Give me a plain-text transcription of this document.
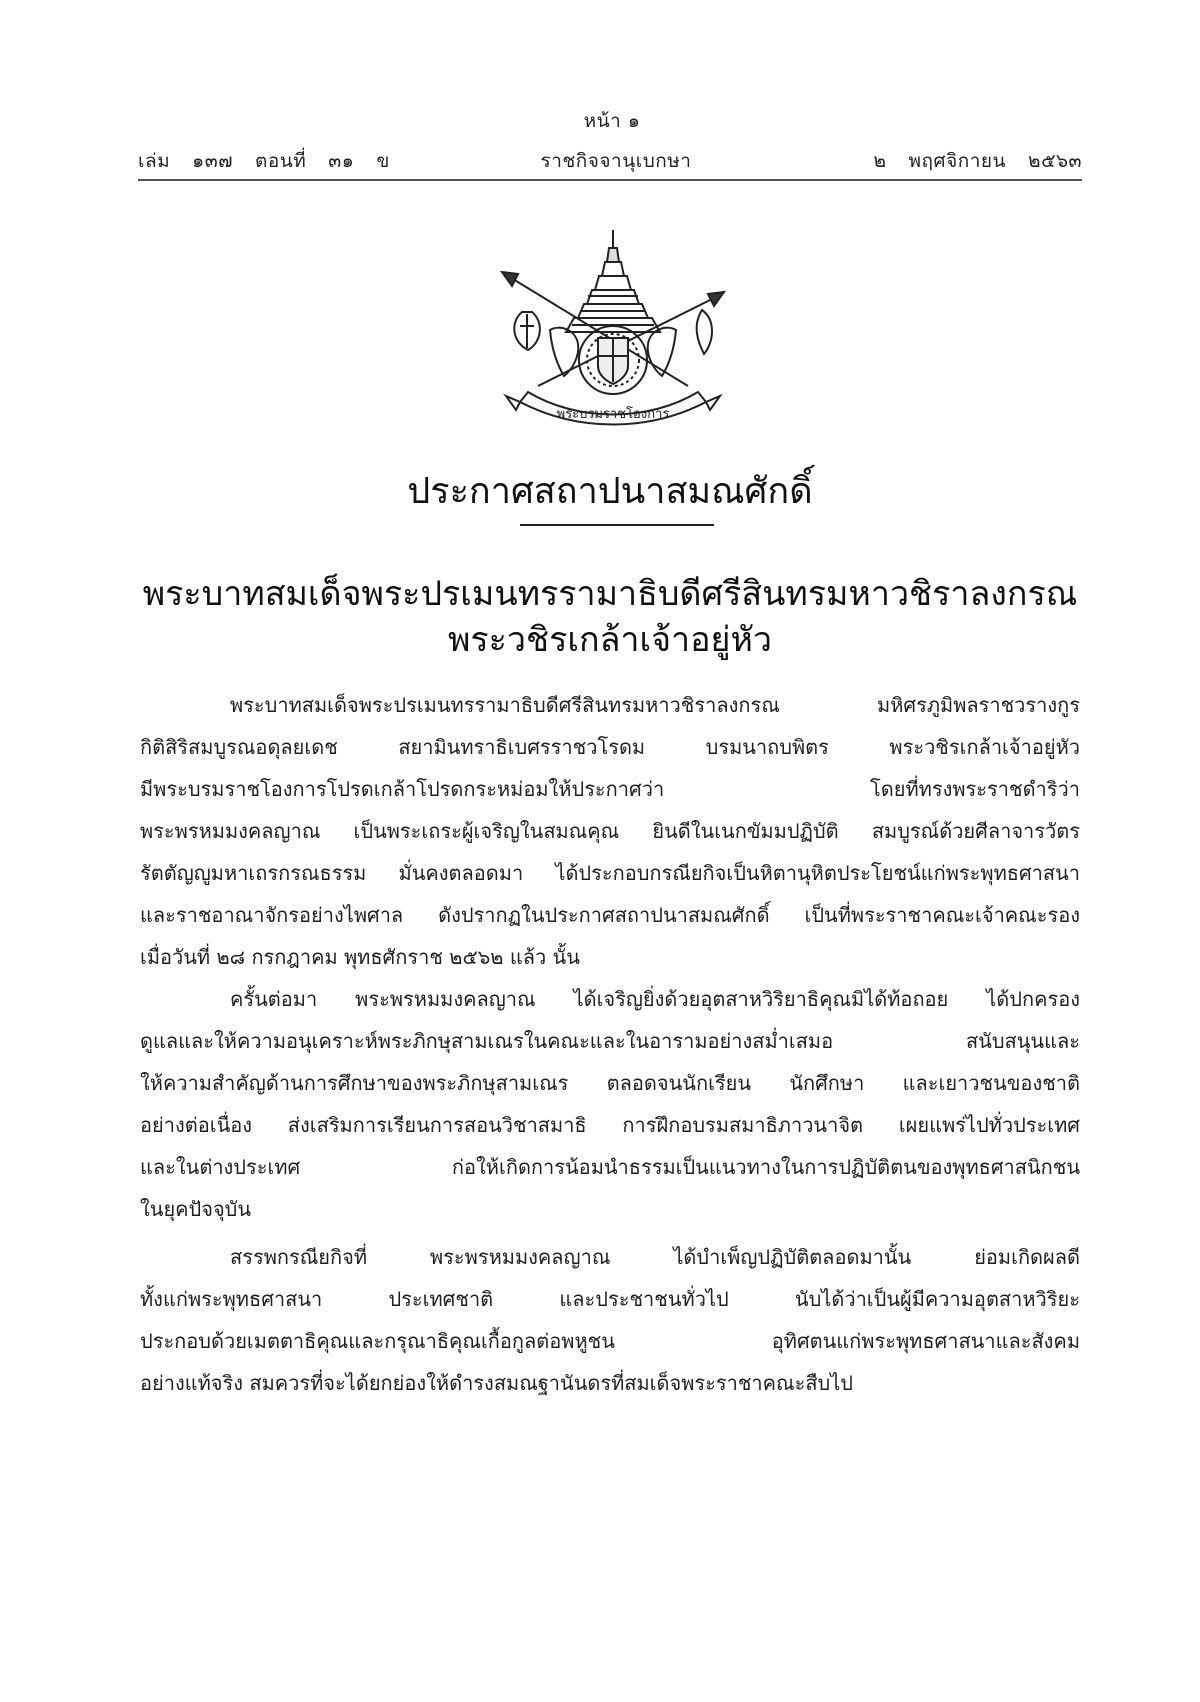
หน้า ๑
เล่ม ๑๓๗ ตอนที่ ๓๑ ข	ราชกิจจานุเบกษา	๒ พฤศจิกายน ๒๕๖๓
พระบรมราชโองการ
ประกาศสถาปนาสมณศักดิ์
พระบาทสมเด็จพระปรเมนทรรามาธิบดีศรีสินทรมหาวชิราลงกรณ
พระวชิรเกล้าเจ้าอยู่หัว
พระบาทสมเด็จพระปรเมนทรรามาธิบดีศรีสินทรมหาวชิราลงกรณ มหิศรภูมิพลราชวรางกูร
กิติสิริสมบูรณอดุลยเดช สยามินทราธิเบศรราชวโรดม บรมนาถบพิตร พระวชิรเกล้าเจ้าอยู่หัว
มีพระบรมราชโองการโปรดเกล้าโปรดกระหม่อมให้ประกาศว่า โดยที่ทรงพระราชดำริว่า
พระพรหมมงคลญาณ เป็นพระเถระผู้เจริญในสมณคุณ ยินดีในเนกขัมมปฏิบัติ สมบูรณ์ด้วยศีลาจารวัตร
รัตตัญญูมหาเถรกรณธรรม มั่นคงตลอดมา ได้ประกอบกรณียกิจเป็นหิตานุหิตประโยชน์แก่พระพุทธศาสนา
และราชอาณาจักรอย่างไพศาล ดังปรากฏในประกาศสถาปนาสมณศักดิ์ เป็นที่พระราชาคณะเจ้าคณะรอง
เมื่อวันที่ ๒๘ กรกฎาคม พุทธศักราช ๒๕๖๒ แล้ว นั้น
ครั้นต่อมา พระพรหมมงคลญาณ ได้เจริญยิ่งด้วยอุตสาหวิริยาธิคุณมิได้ท้อถอย ได้ปกครอง
ดูแลและให้ความอนุเคราะห์พระภิกษุสามเณรในคณะและในอารามอย่างสม่ำเสมอ สนับสนุนและ
ให้ความสำคัญด้านการศึกษาของพระภิกษุสามเณร ตลอดจนนักเรียน นักศึกษา และเยาวชนของชาติ
อย่างต่อเนื่อง ส่งเสริมการเรียนการสอนวิชาสมาธิ การฝึกอบรมสมาธิภาวนาจิต เผยแพร่ไปทั่วประเทศ
และในต่างประเทศ ก่อให้เกิดการน้อมนำธรรมเป็นแนวทางในการปฏิบัติตนของพุทธศาสนิกชน
ในยุคปัจจุบัน
สรรพกรณียกิจที่ พระพรหมมงคลญาณ ได้บำเพ็ญปฏิบัติตลอดมานั้น ย่อมเกิดผลดี
ทั้งแก่พระพุทธศาสนา ประเทศชาติ และประชาชนทั่วไป นับได้ว่าเป็นผู้มีความอุตสาหวิริยะ
ประกอบด้วยเมตตาธิคุณและกรุณาธิคุณเกื้อกูลต่อพหูชน อุทิศตนแก่พระพุทธศาสนาและสังคม
อย่างแท้จริง สมควรที่จะได้ยกย่องให้ดำรงสมณฐานันดรที่สมเด็จพระราชาคณะสืบไป
